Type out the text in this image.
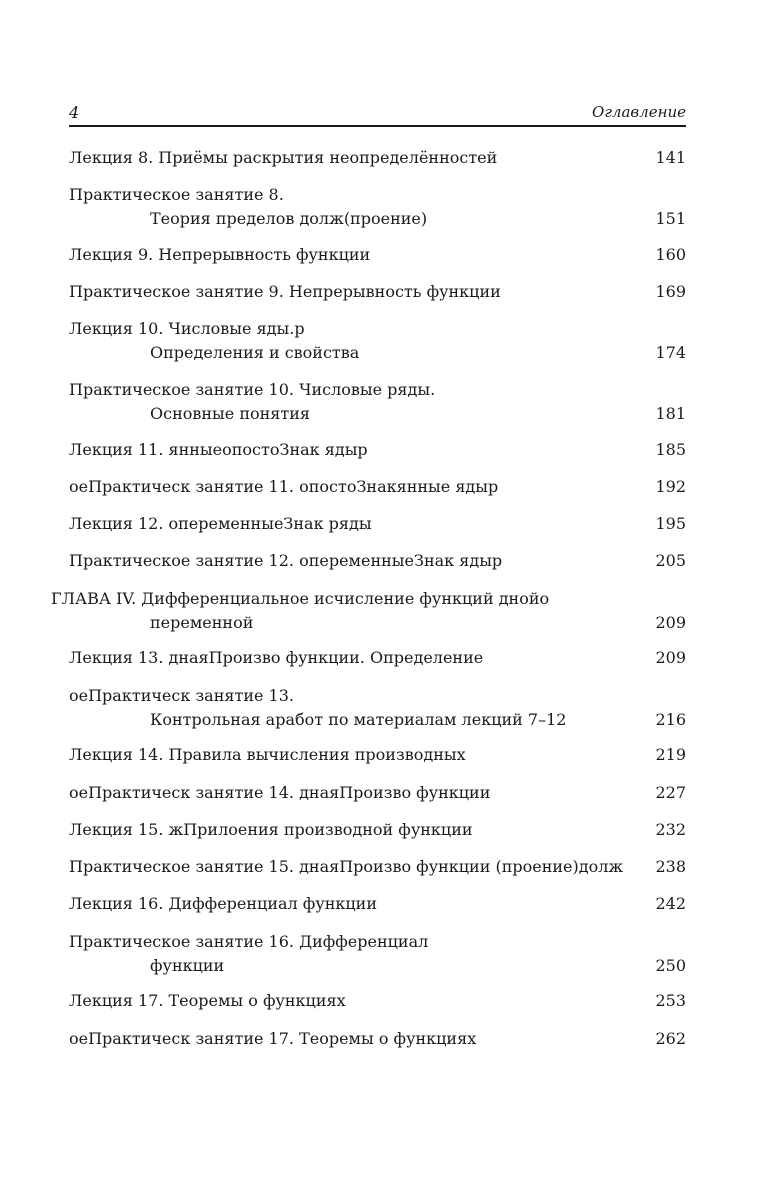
4	Оглавление
Лекция 8. Приёмы раскрытия неопределённостей	141
Практическое занятие 8.
Теория пределов долж(проение)	151
Лекция 9. Непрерывность функции	160
Практическое занятие 9. Непрерывность функции	169
Лекция 10. Числовые яды.р
Определения и свойства	174
Практическое занятие 10. Числовые ряды.
Основные понятия	181
Лекция 11. янныеопостоЗнак ядыр	185
оеПрактическ занятие 11. опостоЗнакянные ядыр	192
Лекция 12. опеременныеЗнак ряды	195
Практическое занятие 12. опеременныеЗнак ядыр	205
ГЛАВА IV. Дифференциальное исчисление функций днойо
переменной	209
Лекция 13. днаяПроизво функции. Определение	209
оеПрактическ занятие 13.
Контрольная аработ по материалам лекций 7–12	216
Лекция 14. Правила вычисления производных	219
оеПрактическ занятие 14. днаяПроизво функции	227
Лекция 15. жПрилоения производной функции	232
Практическое занятие 15. днаяПроизво функции (проение)долж 238
Лекция 16. Дифференциал функции	242
Практическое занятие 16. Дифференциал
функции	250
Лекция 17. Теоремы о функциях	253
оеПрактическ занятие 17. Теоремы о функциях	262
